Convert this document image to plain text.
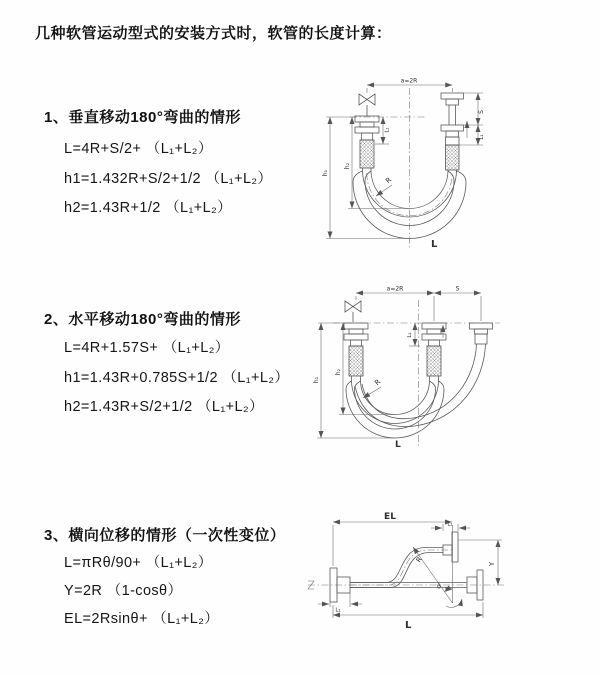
几种软管运动型式的安装方式时，软管的长度计算：
1、垂直移动180°弯曲的情形
L=4R+S/2+ （L₁+L₂）
h1=1.432R+S/2+1/2 （L₁+L₂）
h2=1.43R+1/2 （L₁+L₂）
2、水平移动180°弯曲的情形
L=4R+1.57S+ （L₁+L₂）
h1=1.43R+0.785S+1/2 （L₁+L₂）
h2=1.43R+S/2+1/2 （L₁+L₂）
3、横向位移的情形（一次性变位）
L=πRθ/90+ （L₁+L₂）
Y=2R （1-cosθ）
EL=2Rsinθ+ （L₁+L₂）
a=2R
S
L₁
L₁
h₁
h₂
R
L
a=2R	S
h₁
h₂
L₁
R
L
EL
L₁
Y
θ
R
L
L₁
